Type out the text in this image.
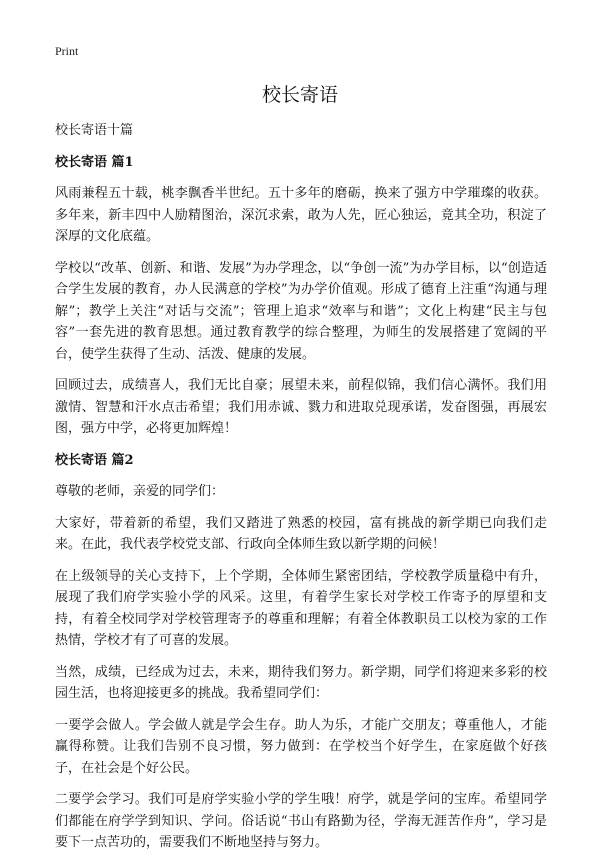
Print
校长寄语

校长寄语十篇

校长寄语 篇1

风雨兼程五十载，桃李飘香半世纪。五十多年的磨砺，换来了强方中学璀璨的收获。多年来，新丰四中人励精图治，深沉求索，敢为人先，匠心独运，竟其全功，积淀了深厚的文化底蕴。

学校以“改革、创新、和谐、发展”为办学理念，以“争创一流”为办学目标，以“创造适合学生发展的教育，办人民满意的学校”为办学价值观。形成了德育上注重“沟通与理解”；教学上关注“对话与交流”；管理上追求“效率与和谐”；文化上构建“民主与包容”一套先进的教育思想。通过教育教学的综合整理，为师生的发展搭建了宽阔的平台，使学生获得了生动、活泼、健康的发展。

回顾过去，成绩喜人，我们无比自豪；展望未来，前程似锦，我们信心满怀。我们用激情、智慧和汗水点击希望；我们用赤诚、戮力和进取兑现承诺，发奋图强，再展宏图，强方中学，必将更加辉煌！

校长寄语 篇2

尊敬的老师，亲爱的同学们：

大家好，带着新的希望，我们又踏进了熟悉的校园，富有挑战的新学期已向我们走来。在此，我代表学校党支部、行政向全体师生致以新学期的问候！

在上级领导的关心支持下，上个学期，全体师生紧密团结，学校教学质量稳中有升，展现了我们府学实验小学的风采。这里，有着学生家长对学校工作寄予的厚望和支持，有着全校同学对学校管理寄予的尊重和理解；有着全体教职员工以校为家的工作热情，学校才有了可喜的发展。

当然，成绩，已经成为过去，未来，期待我们努力。新学期，同学们将迎来多彩的校园生活，也将迎接更多的挑战。我希望同学们：

一要学会做人。学会做人就是学会生存。助人为乐，才能广交朋友；尊重他人，才能赢得称赞。让我们告别不良习惯，努力做到：在学校当个好学生，在家庭做个好孩子，在社会是个好公民。

二要学会学习。我们可是府学实验小学的学生哦！府学，就是学问的宝库。希望同学们都能在府学学到知识、学问。俗话说“书山有路勤为径，学海无涯苦作舟”，学习是要下一点苦功的，需要我们不断地坚持与努力。
